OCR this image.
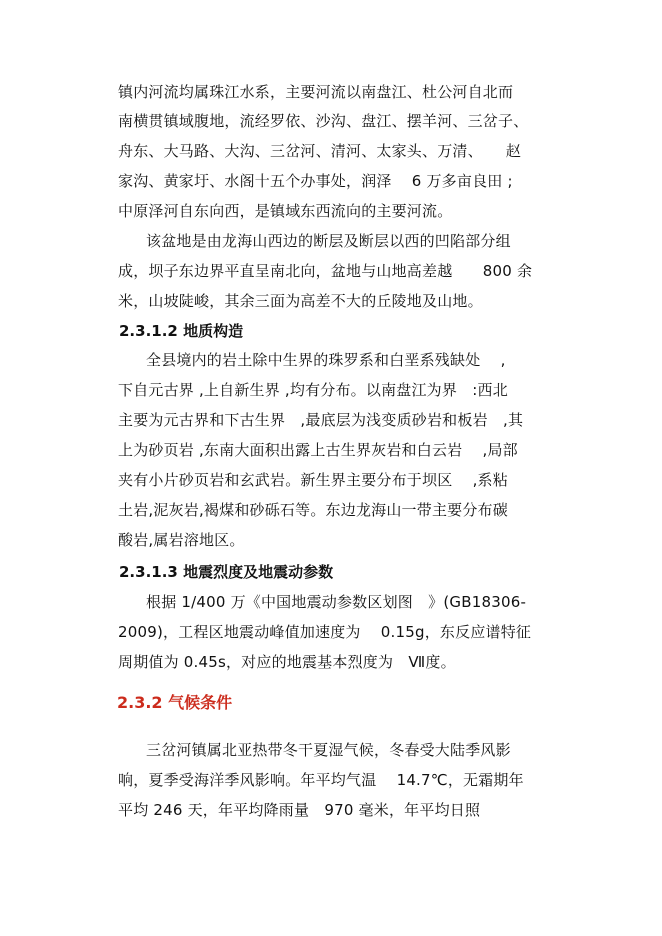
镇内河流均属珠江水系，主要河流以南盘江、杜公河自北而
南横贯镇域腹地，流经罗依、沙沟、盘江、摆羊河、三岔子、
舟东、大马路、大沟、三岔河、清河、太家头、万清、　　赵
家沟、黄家圩、水阁十五个办事处，润泽　 6 万多亩良田 ;
中原泽河自东向西，是镇域东西流向的主要河流。
该盆地是由龙海山西边的断层及断层以西的凹陷部分组
成，坝子东边界平直呈南北向，盆地与山地高差越　　800 余
米，山坡陡峻，其余三面为高差不大的丘陵地及山地。
2.3.1.2 地质构造
全县境内的岩土除中生界的珠罗系和白垩系残缺处　 ,
下自元古界 ,上自新生界 ,均有分布。以南盘江为界　:西北
主要为元古界和下古生界　,最底层为浅变质砂岩和板岩　,其
上为砂页岩 ,东南大面积出露上古生界灰岩和白云岩　 ,局部
夹有小片砂页岩和玄武岩。新生界主要分布于坝区　 ,系粘
土岩,泥灰岩,褐煤和砂砾石等。东边龙海山一带主要分布碳
酸岩,属岩溶地区。
2.3.1.3 地震烈度及地震动参数
根据 1/400 万《中国地震动参数区划图　》(GB18306-
2009)，工程区地震动峰值加速度为　 0.15g，东反应谱特征
周期值为 0.45s，对应的地震基本烈度为　Ⅶ度。
2.3.2 气候条件
三岔河镇属北亚热带冬干夏湿气候，冬春受大陆季风影
响，夏季受海洋季风影响。年平均气温　 14.7℃，无霜期年
平均 246 天，年平均降雨量　970 毫米，年平均日照
